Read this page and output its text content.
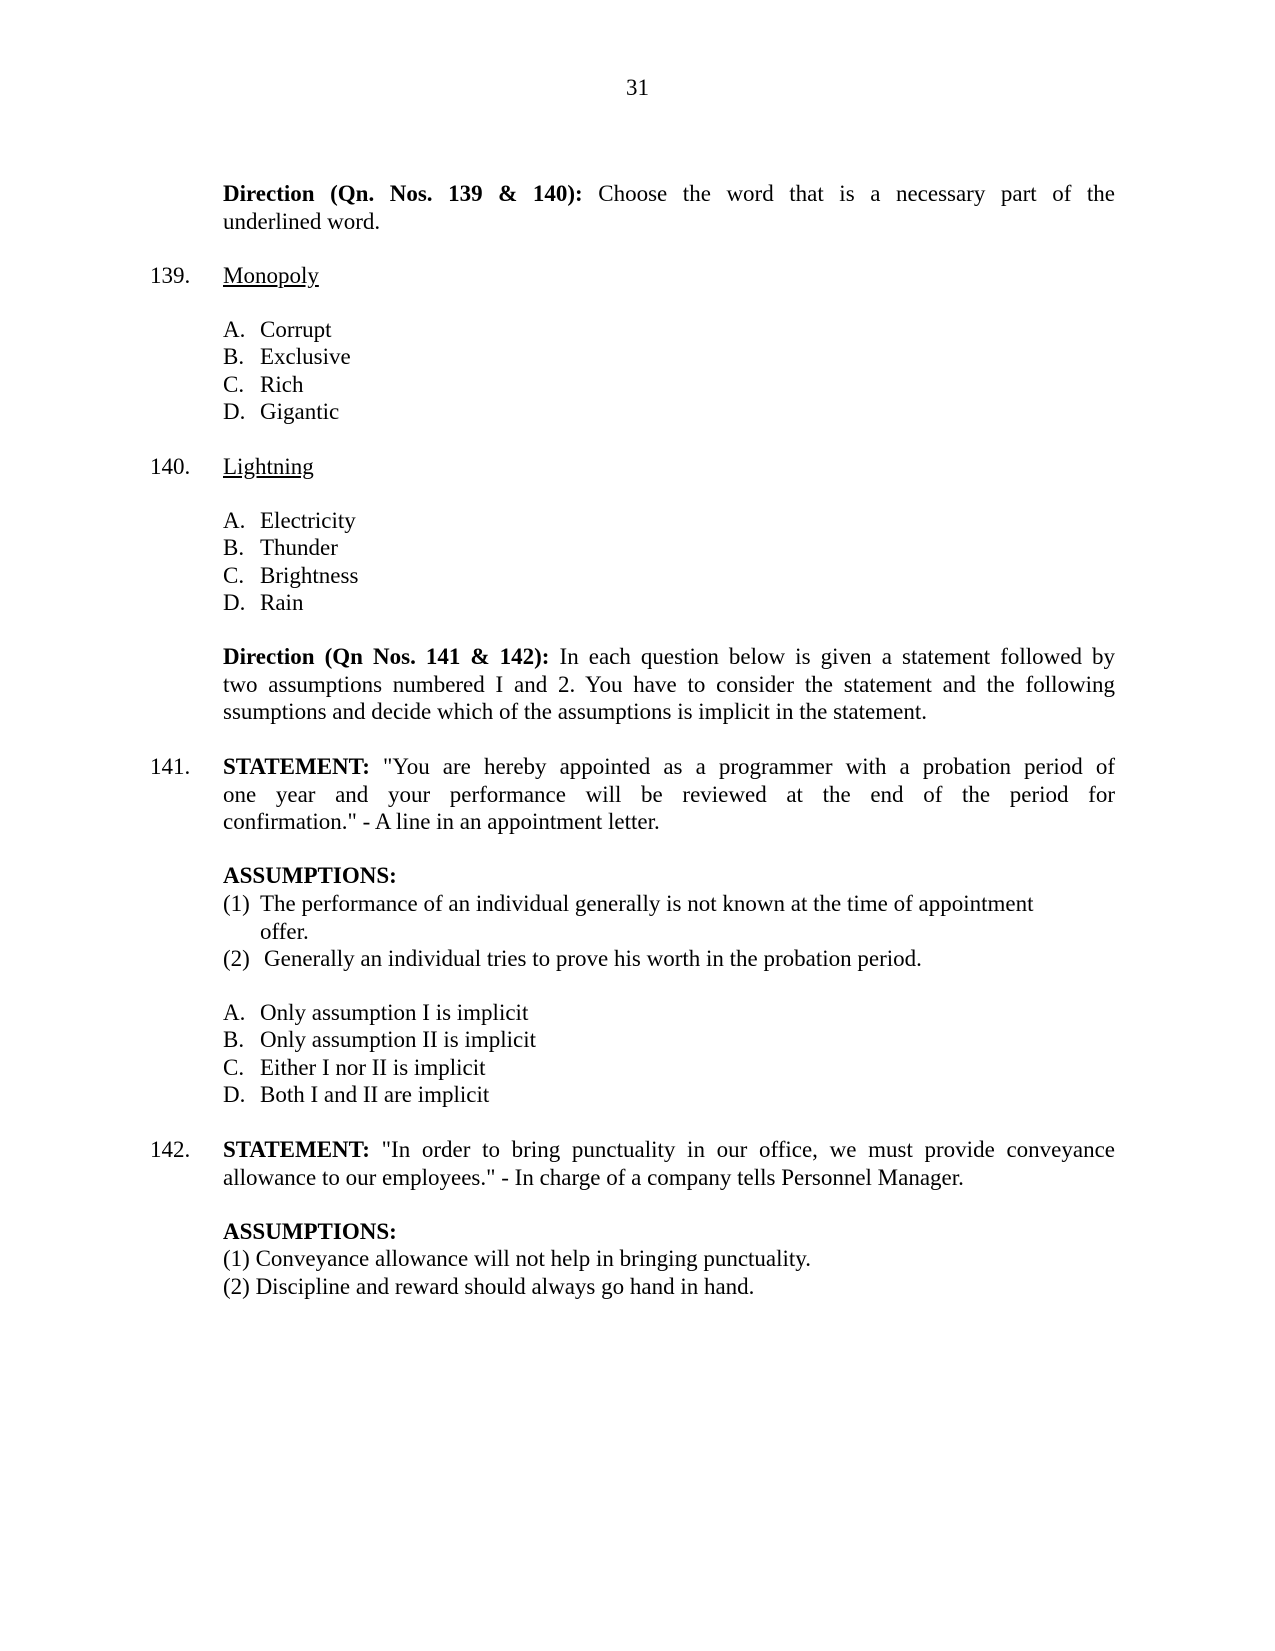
31
Direction (Qn. Nos. 139 & 140): Choose the word that is a necessary part of the
underlined word.
139. Monopoly
A. Corrupt
B. Exclusive
C. Rich
D. Gigantic
140. Lightning
A. Electricity
B. Thunder
C. Brightness
D. Rain
Direction (Qn Nos. 141 & 142): In each question below is given a statement followed by
two assumptions numbered I and 2. You have to consider the statement and the following
ssumptions and decide which of the assumptions is implicit in the statement.
141. STATEMENT: "You are hereby appointed as a programmer with a probation period of
one year and your performance will be reviewed at the end of the period for
confirmation." - A line in an appointment letter.
ASSUMPTIONS:
(1) The performance of an individual generally is not known at the time of appointment
offer.
(2) Generally an individual tries to prove his worth in the probation period.
A. Only assumption I is implicit
B. Only assumption II is implicit
C. Either I nor II is implicit
D. Both I and II are implicit
142. STATEMENT: "In order to bring punctuality in our office, we must provide conveyance
allowance to our employees." - In charge of a company tells Personnel Manager.
ASSUMPTIONS:
(1) Conveyance allowance will not help in bringing punctuality.
(2) Discipline and reward should always go hand in hand.
